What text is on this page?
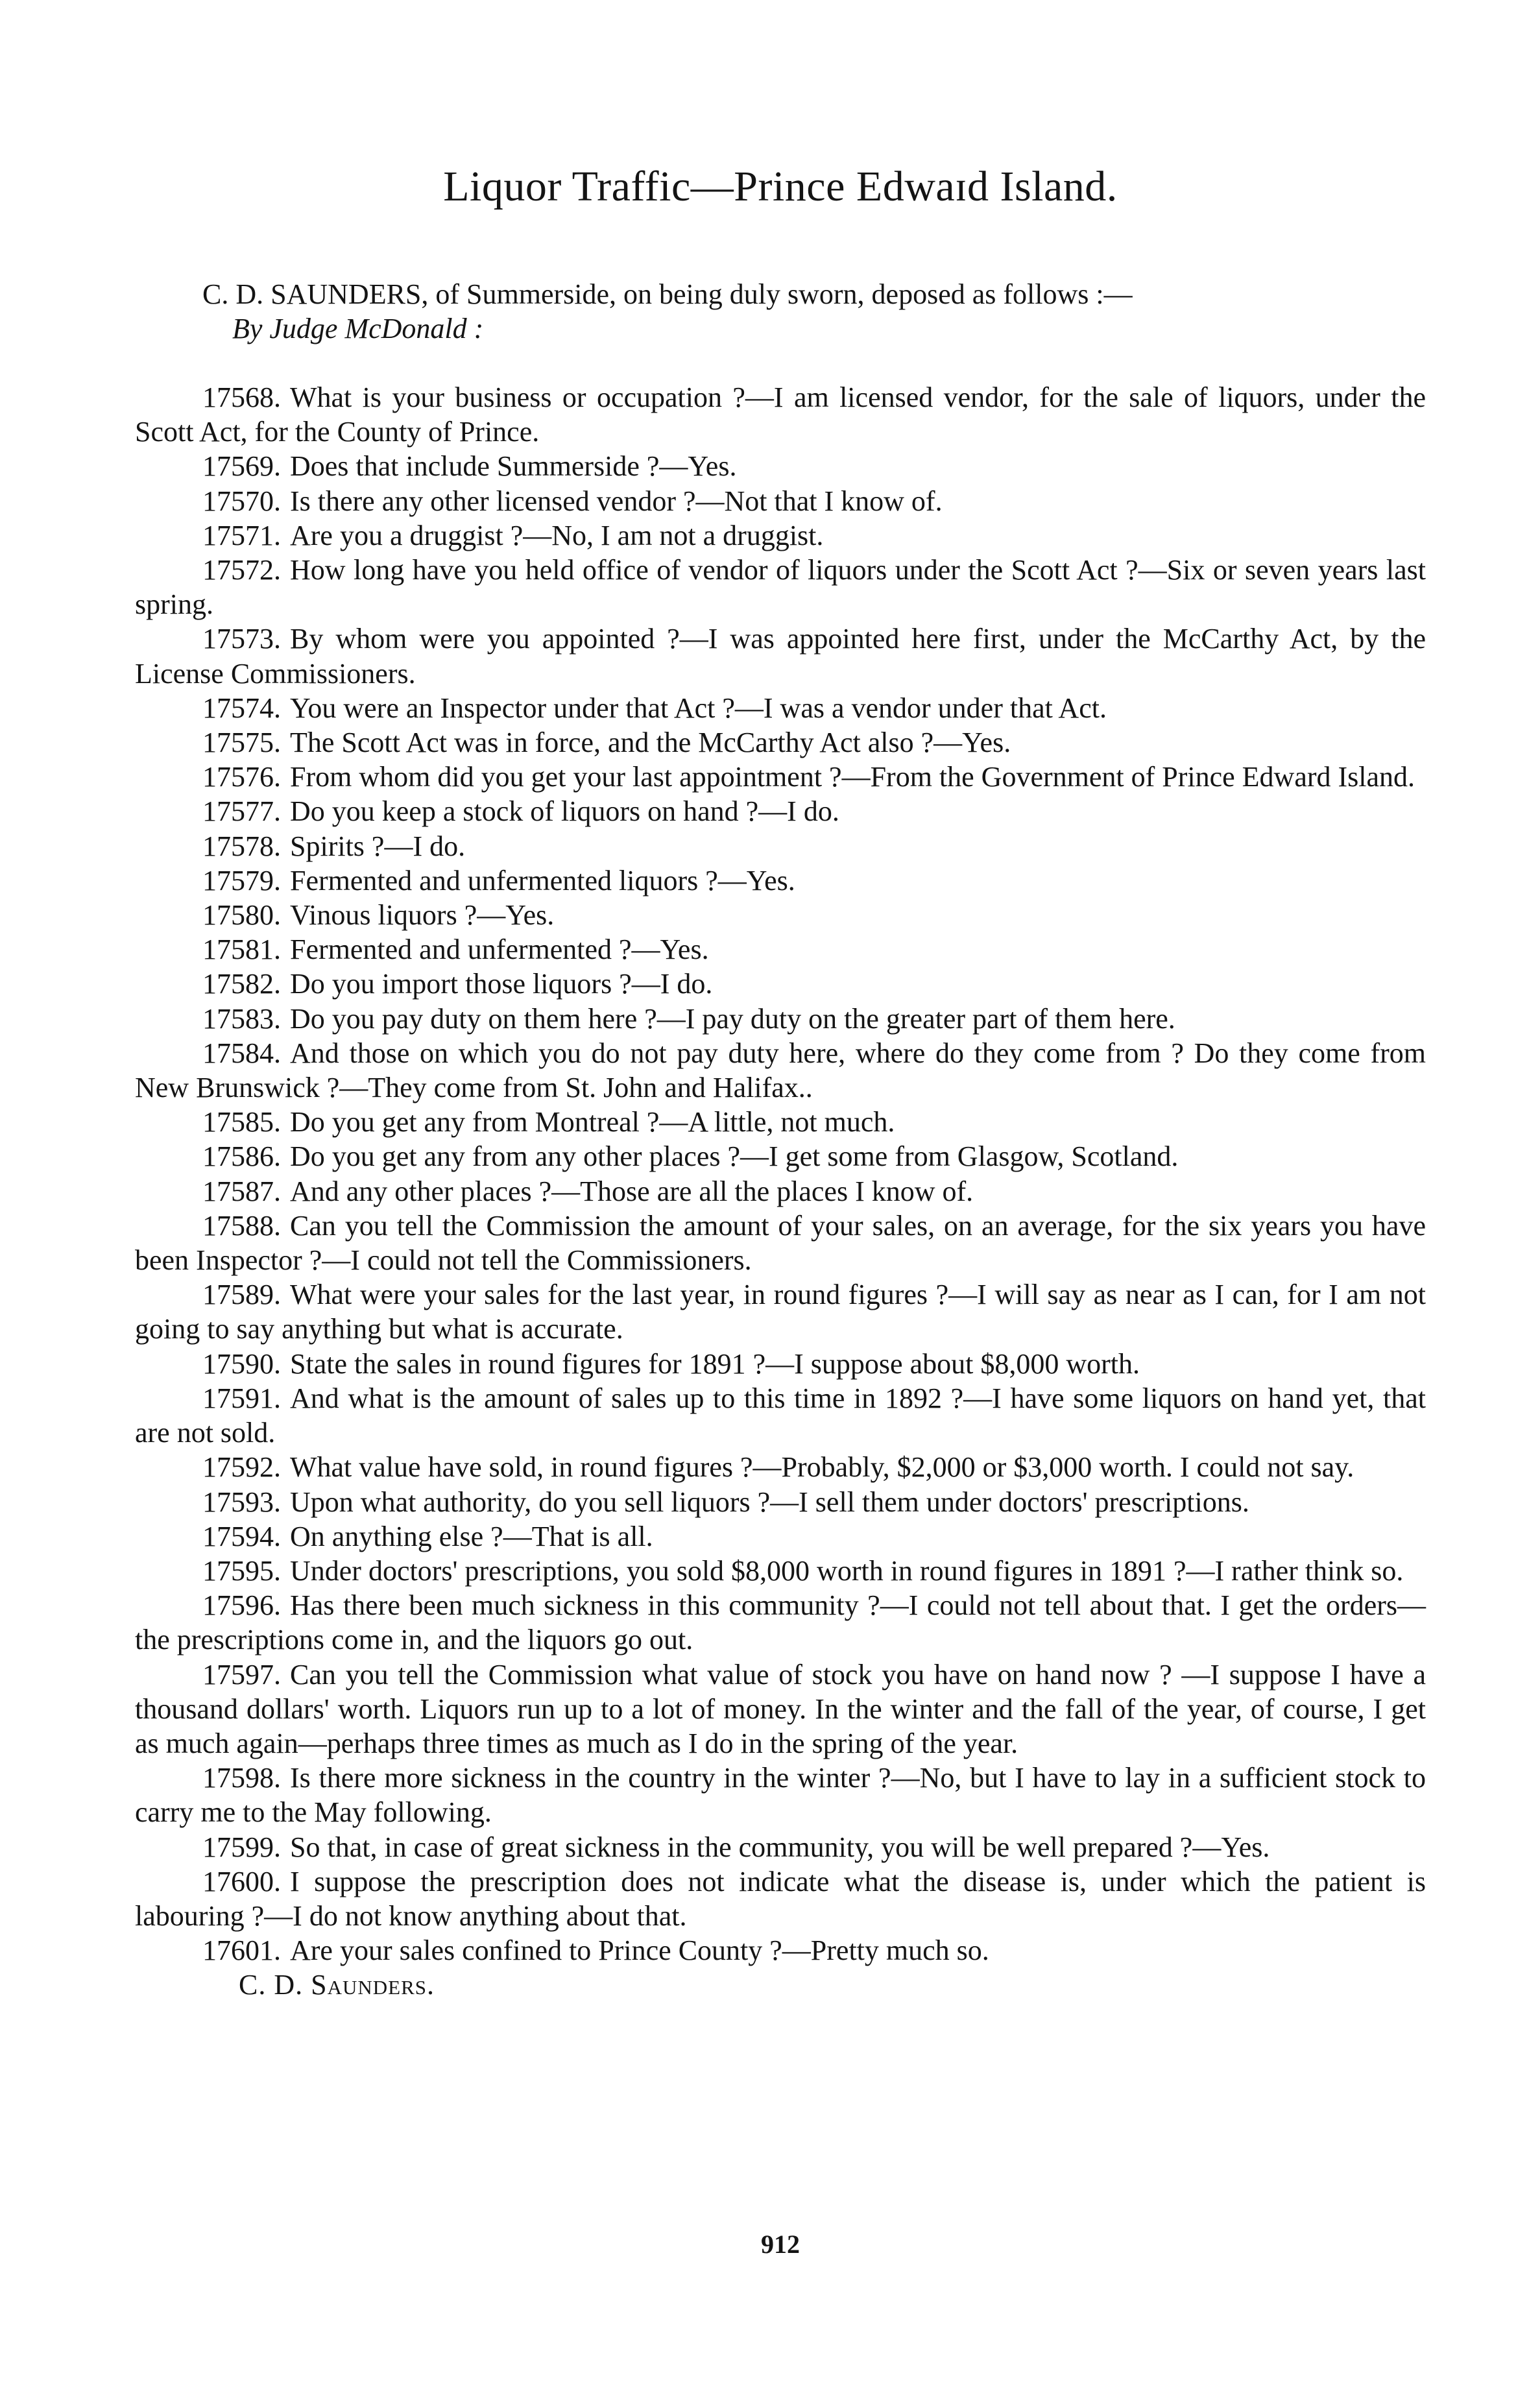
Liquor Traffic—Prince Edwaɪd Island.

C. D. SAUNDERS, of Summerside, on being duly sworn, deposed as follows :—

By Judge McDonald :

17568. What is your business or occupation ?—I am licensed vendor, for the sale of liquors, under the Scott Act, for the County of Prince.

17569. Does that include Summerside ?—Yes.

17570. Is there any other licensed vendor ?—Not that I know of.

17571. Are you a druggist ?—No, I am not a druggist.

17572. How long have you held office of vendor of liquors under the Scott Act ?—Six or seven years last spring.

17573. By whom were you appointed ?—I was appointed here first, under the McCarthy Act, by the License Commissioners.

17574. You were an Inspector under that Act ?—I was a vendor under that Act.

17575. The Scott Act was in force, and the McCarthy Act also ?—Yes.

17576. From whom did you get your last appointment ?—From the Government of Prince Edward Island.

17577. Do you keep a stock of liquors on hand ?—I do.

17578. Spirits ?—I do.

17579. Fermented and unfermented liquors ?—Yes.

17580. Vinous liquors ?—Yes.

17581. Fermented and unfermented ?—Yes.

17582. Do you import those liquors ?—I do.

17583. Do you pay duty on them here ?—I pay duty on the greater part of them here.

17584. And those on which you do not pay duty here, where do they come from ? Do they come from New Brunswick ?—They come from St. John and Halifax..

17585. Do you get any from Montreal ?—A little, not much.

17586. Do you get any from any other places ?—I get some from Glasgow, Scotland.

17587. And any other places ?—Those are all the places I know of.

17588. Can you tell the Commission the amount of your sales, on an average, for the six years you have been Inspector ?—I could not tell the Commissioners.

17589. What were your sales for the last year, in round figures ?—I will say as near as I can, for I am not going to say anything but what is accurate.

17590. State the sales in round figures for 1891 ?—I suppose about $8,000 worth.

17591. And what is the amount of sales up to this time in 1892 ?—I have some liquors on hand yet, that are not sold.

17592. What value have sold, in round figures ?—Probably, $2,000 or $3,000 worth. I could not say.

17593. Upon what authority, do you sell liquors ?—I sell them under doctors' prescriptions.

17594. On anything else ?—That is all.

17595. Under doctors' prescriptions, you sold $8,000 worth in round figures in 1891 ?—I rather think so.

17596. Has there been much sickness in this community ?—I could not tell about that. I get the orders—the prescriptions come in, and the liquors go out.

17597. Can you tell the Commission what value of stock you have on hand now ? —I suppose I have a thousand dollars' worth. Liquors run up to a lot of money. In the winter and the fall of the year, of course, I get as much again—perhaps three times as much as I do in the spring of the year.

17598. Is there more sickness in the country in the winter ?—No, but I have to lay in a sufficient stock to carry me to the May following.

17599. So that, in case of great sickness in the community, you will be well prepared ?—Yes.

17600. I suppose the prescription does not indicate what the disease is, under which the patient is labouring ?—I do not know anything about that.

17601. Are your sales confined to Prince County ?—Pretty much so.

C. D. Saunders.

912
